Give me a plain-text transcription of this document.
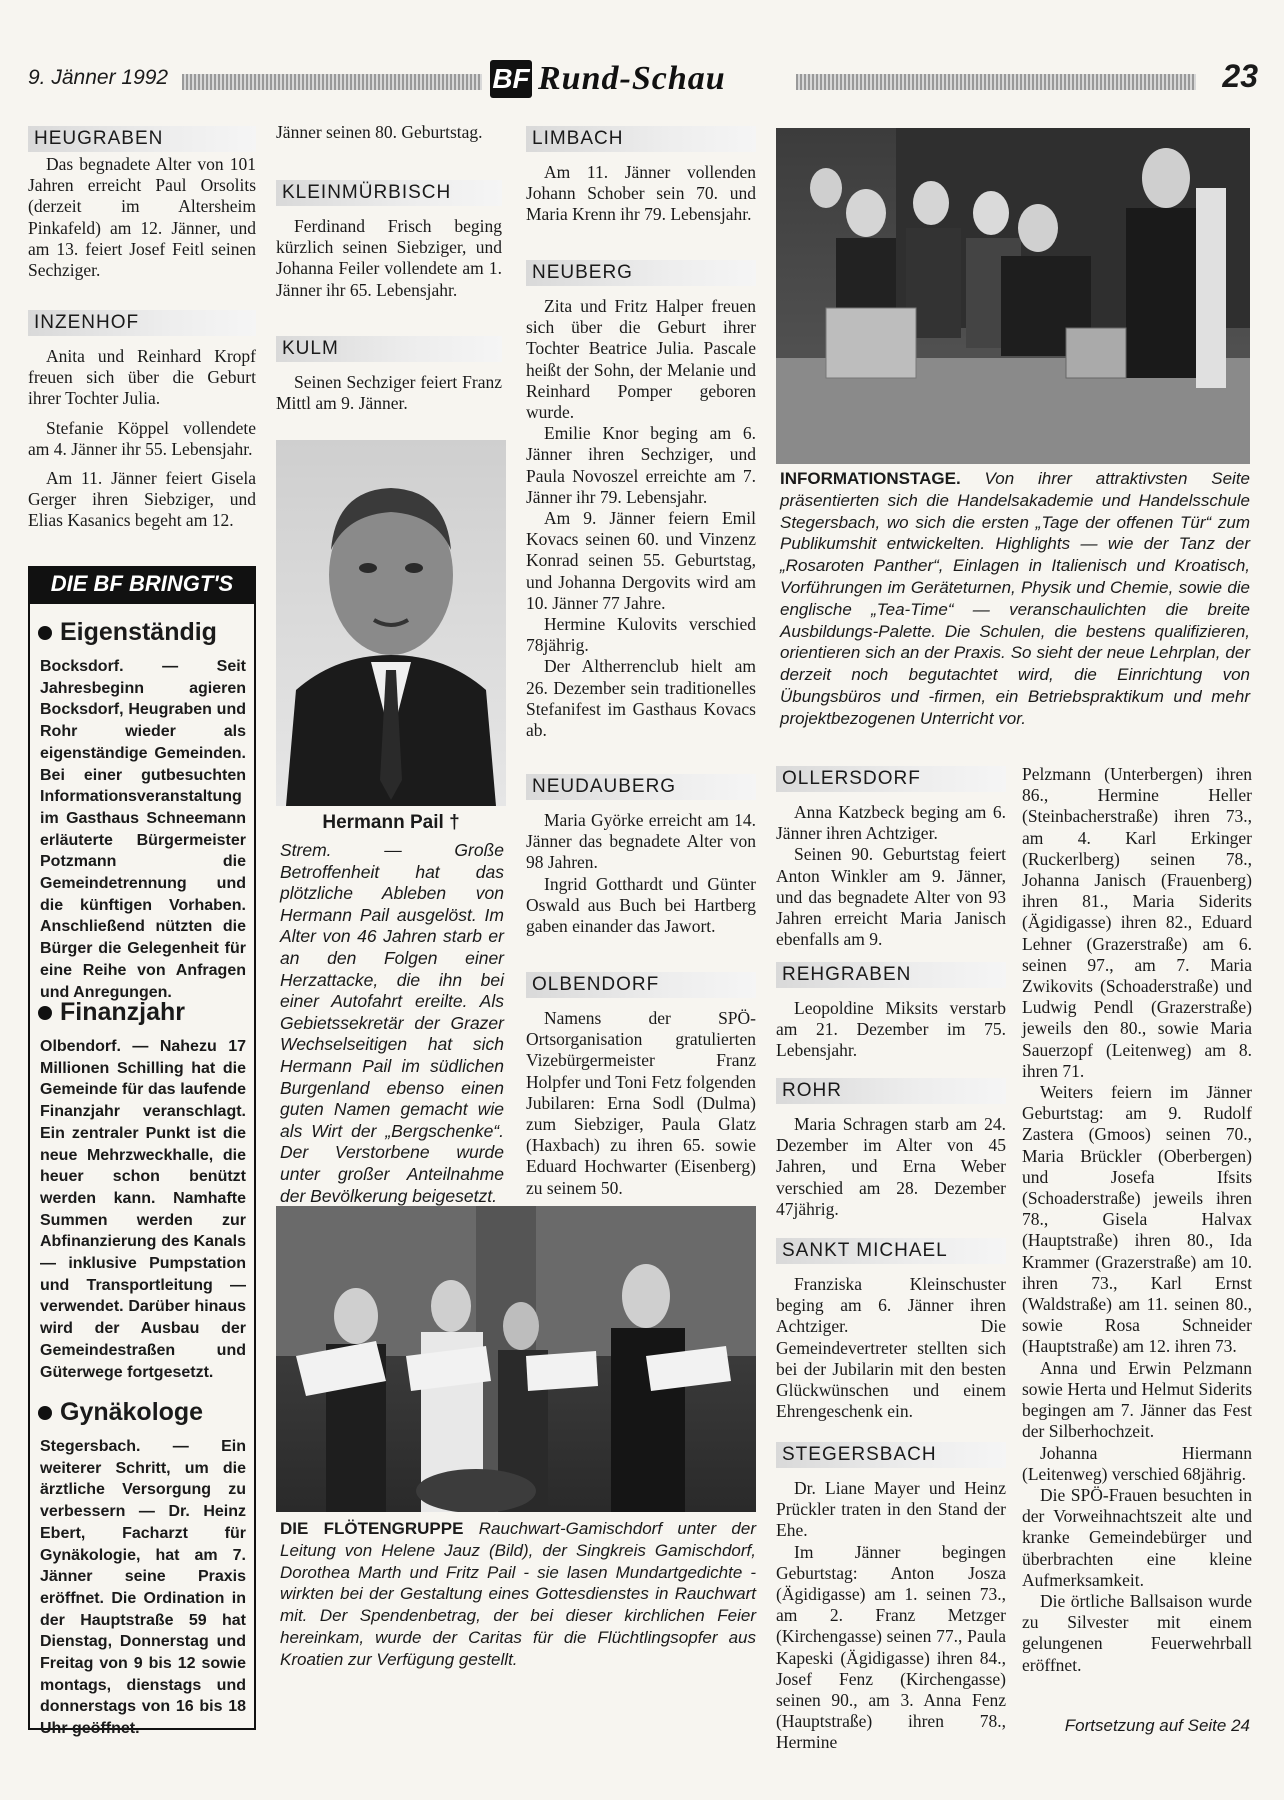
9. Jänner 1992	BF Rund-Schau	23
HEUGRABEN

Das begnadete Alter von 101 Jahren erreicht Paul Orsolits (derzeit im Altersheim Pinkafeld) am 12. Jänner, und am 13. feiert Josef Feitl seinen Sechziger.

INZENHOF

Anita und Reinhard Kropf freuen sich über die Geburt ihrer Tochter Julia.

Stefanie Köppel vollendete am 4. Jänner ihr 55. Lebensjahr.

Am 11. Jänner feiert Gisela Gerger ihren Siebziger, und Elias Kasanics begeht am 12.

DIE BF BRINGT'S
Eigenständig
Bocksdorf. — Seit Jahresbeginn agieren Bocksdorf, Heugraben und Rohr wieder als eigenständige Gemeinden. Bei einer gutbesuchten Informationsveranstaltung im Gasthaus Schneemann erläuterte Bürgermeister Potzmann die Gemeindetrennung und die künftigen Vorhaben. Anschließend nützten die Bürger die Gelegenheit für eine Reihe von Anfragen und Anregungen.
Finanzjahr
Olbendorf. — Nahezu 17 Millionen Schilling hat die Gemeinde für das laufende Finanzjahr veranschlagt. Ein zentraler Punkt ist die neue Mehrzweckhalle, die heuer schon benützt werden kann. Namhafte Summen werden zur Abfinanzierung des Kanals — inklusive Pumpstation und Transportleitung — verwendet. Darüber hinaus wird der Ausbau der Gemeindestraßen und Güterwege fortgesetzt.
Gynäkologe
Stegersbach. — Ein weiterer Schritt, um die ärztliche Versorgung zu verbessern — Dr. Heinz Ebert, Facharzt für Gynäkologie, hat am 7. Jänner seine Praxis eröffnet. Die Ordination in der Hauptstraße 59 hat Dienstag, Donnerstag und Freitag von 9 bis 12 sowie montags, dienstags und donnerstags von 16 bis 18 Uhr geöffnet.

Jänner seinen 80. Geburtstag.

KLEINMÜRBISCH

Ferdinand Frisch beging kürzlich seinen Siebziger, und Johanna Feiler vollendete am 1. Jänner ihr 65. Lebensjahr.

KULM

Seinen Sechziger feiert Franz Mittl am 9. Jänner.

Hermann Pail †
Strem. — Große Betroffenheit hat das plötzliche Ableben von Hermann Pail ausgelöst. Im Alter von 46 Jahren starb er an den Folgen einer Herzattacke, die ihn bei einer Autofahrt ereilte. Als Gebietssekretär der Grazer Wechselseitigen hat sich Hermann Pail im südlichen Burgenland ebenso einen guten Namen gemacht wie als Wirt der „Bergschenke“. Der Verstorbene wurde unter großer Anteilnahme der Bevölkerung beigesetzt.
DIE FLÖTENGRUPPE Rauchwart-Gamischdorf unter der Leitung von Helene Jauz (Bild), der Singkreis Gamischdorf, Dorothea Marth und Fritz Pail - sie lasen Mundartgedichte - wirkten bei der Gestaltung eines Gottesdienstes in Rauchwart mit. Der Spendenbetrag, der bei dieser kirchlichen Feier hereinkam, wurde der Caritas für die Flüchtlingsopfer aus Kroatien zur Verfügung gestellt.
LIMBACH

Am 11. Jänner vollenden Johann Schober sein 70. und Maria Krenn ihr 79. Lebensjahr.

NEUBERG

Zita und Fritz Halper freuen sich über die Geburt ihrer Tochter Beatrice Julia. Pascale heißt der Sohn, der Melanie und Reinhard Pomper geboren wurde.

Emilie Knor beging am 6. Jänner ihren Sechziger, und Paula Novoszel erreichte am 7. Jänner ihr 79. Lebensjahr.

Am 9. Jänner feiern Emil Kovacs seinen 60. und Vinzenz Konrad seinen 55. Geburtstag, und Johanna Dergovits wird am 10. Jänner 77 Jahre.

Hermine Kulovits verschied 78jährig.

Der Altherrenclub hielt am 26. Dezember sein traditionelles Stefanifest im Gasthaus Kovacs ab.

NEUDAUBERG

Maria Györke erreicht am 14. Jänner das begnadete Alter von 98 Jahren.

Ingrid Gotthardt und Günter Oswald aus Buch bei Hartberg gaben einander das Jawort.

OLBENDORF

Namens der SPÖ-Ortsorganisation gratulierten Vizebürgermeister Franz Holpfer und Toni Fetz folgenden Jubilaren: Erna Sodl (Dulma) zum Siebziger, Paula Glatz (Haxbach) zu ihren 65. sowie Eduard Hochwarter (Eisenberg) zu seinem 50.

INFORMATIONSTAGE. Von ihrer attraktivsten Seite präsentierten sich die Handelsakademie und Handelsschule Stegersbach, wo sich die ersten „Tage der offenen Tür“ zum Publikumshit entwickelten. Highlights — wie der Tanz der „Rosaroten Panther“, Einlagen in Italienisch und Kroatisch, Vorführungen im Geräteturnen, Physik und Chemie, sowie die englische „Tea-Time“ — veranschaulichten die breite Ausbildungs-Palette. Die Schulen, die bestens qualifizieren, orientieren sich an der Praxis. So sieht der neue Lehrplan, der derzeit noch begutachtet wird, die Einrichtung von Übungsbüros und -firmen, ein Betriebspraktikum und mehr projektbezogenen Unterricht vor.
OLLERSDORF

Anna Katzbeck beging am 6. Jänner ihren Achtziger.

Seinen 90. Geburtstag feiert Anton Winkler am 9. Jänner, und das begnadete Alter von 93 Jahren erreicht Maria Janisch ebenfalls am 9.

REHGRABEN

Leopoldine Miksits verstarb am 21. Dezember im 75. Lebensjahr.

ROHR

Maria Schragen starb am 24. Dezember im Alter von 45 Jahren, und Erna Weber verschied am 28. Dezember 47jährig.

SANKT MICHAEL

Franziska Kleinschuster beging am 6. Jänner ihren Achtziger. Die Gemeindevertreter stellten sich bei der Jubilarin mit den besten Glückwünschen und einem Ehrengeschenk ein.

STEGERSBACH

Dr. Liane Mayer und Heinz Prückler traten in den Stand der Ehe.

Im Jänner begingen Geburtstag: Anton Josza (Ägidigasse) am 1. seinen 73., am 2. Franz Metzger (Kirchengasse) seinen 77., Paula Kapeski (Ägidigasse) ihren 84., Josef Fenz (Kirchengasse) seinen 90., am 3. Anna Fenz (Hauptstraße) ihren 78., Hermine

Pelzmann (Unterbergen) ihren 86., Hermine Heller (Steinbacherstraße) ihren 73., am 4. Karl Erkinger (Ruckerlberg) seinen 78., Johanna Janisch (Frauenberg) ihren 81., Maria Siderits (Ägidigasse) ihren 82., Eduard Lehner (Grazerstraße) am 6. seinen 97., am 7. Maria Zwikovits (Schoaderstraße) und Ludwig Pendl (Grazerstraße) jeweils den 80., sowie Maria Sauerzopf (Leitenweg) am 8. ihren 71.

Weiters feiern im Jänner Geburtstag: am 9. Rudolf Zastera (Gmoos) seinen 70., Maria Brückler (Oberbergen) und Josefa Ifsits (Schoaderstraße) jeweils ihren 78., Gisela Halvax (Hauptstraße) ihren 80., Ida Krammer (Grazerstraße) am 10. ihren 73., Karl Ernst (Waldstraße) am 11. seinen 80., sowie Rosa Schneider (Hauptstraße) am 12. ihren 73.

Anna und Erwin Pelzmann sowie Herta und Helmut Siderits begingen am 7. Jänner das Fest der Silberhochzeit.

Johanna Hiermann (Leitenweg) verschied 68jährig.

Die SPÖ-Frauen besuchten in der Vorweihnachtszeit alte und kranke Gemeindebürger und überbrachten eine kleine Aufmerksamkeit.

Die örtliche Ballsaison wurde zu Silvester mit einem gelungenen Feuerwehrball eröffnet.

Fortsetzung auf Seite 24
